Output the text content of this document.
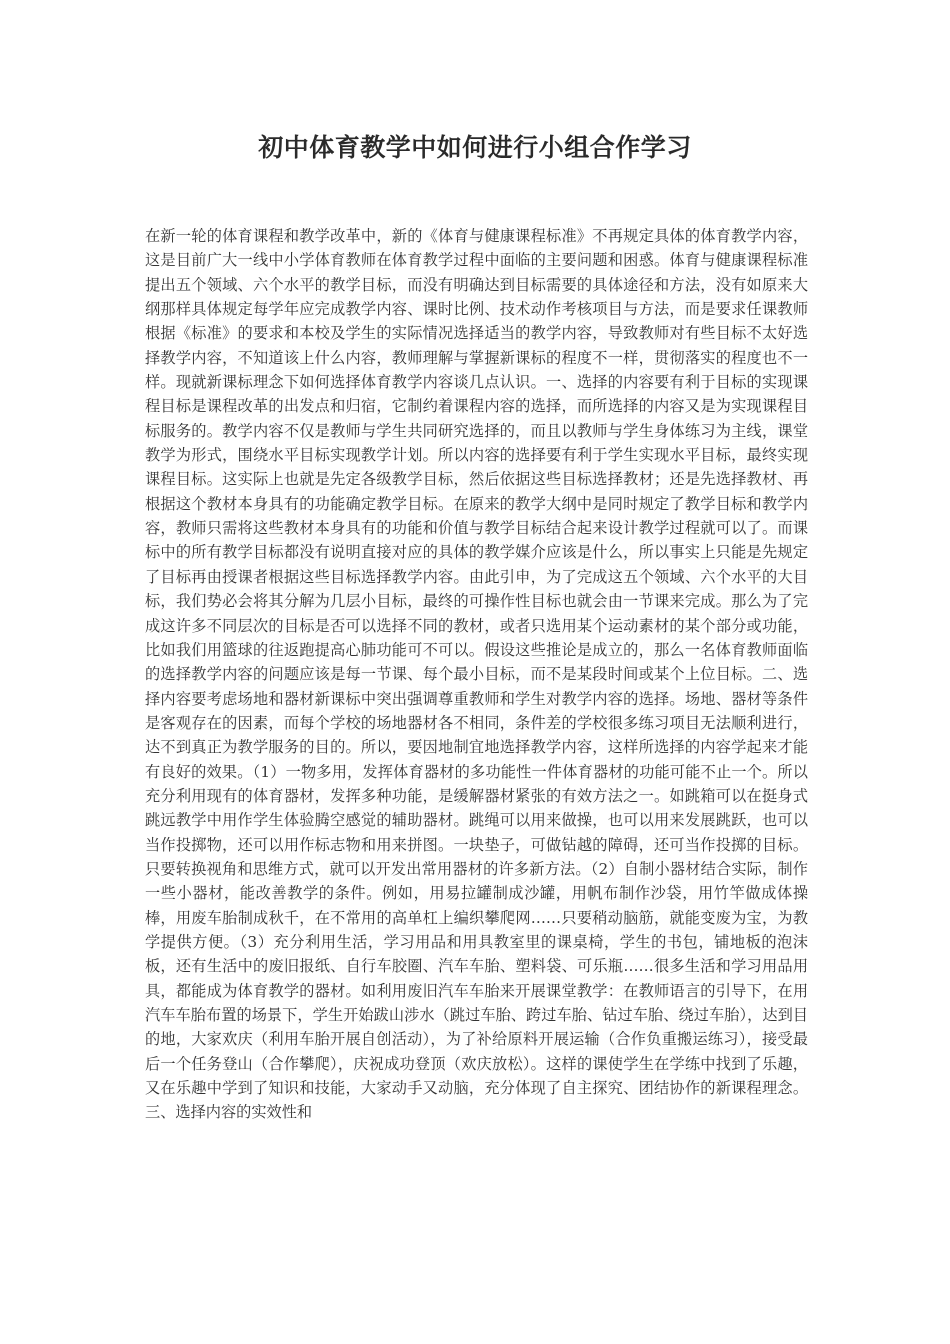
初中体育教学中如何进行小组合作学习

在新一轮的体育课程和教学改革中，新的《体育与健康课程标准》不再规定具体的体育教学内容，这是目前广大一线中小学体育教师在体育教学过程中面临的主要问题和困惑。体育与健康课程标准提出五个领域、六个水平的教学目标，而没有明确达到目标需要的具体途径和方法，没有如原来大纲那样具体规定每学年应完成教学内容、课时比例、技术动作考核项目与方法，而是要求任课教师根据《标准》的要求和本校及学生的实际情况选择适当的教学内容，导致教师对有些目标不太好选择教学内容，不知道该上什么内容，教师理解与掌握新课标的程度不一样，贯彻落实的程度也不一样。现就新课标理念下如何选择体育教学内容谈几点认识。一、选择的内容要有利于目标的实现课程目标是课程改革的出发点和归宿，它制约着课程内容的选择，而所选择的内容又是为实现课程目标服务的。教学内容不仅是教师与学生共同研究选择的，而且以教师与学生身体练习为主线，课堂教学为形式，围绕水平目标实现教学计划。所以内容的选择要有利于学生实现水平目标，最终实现课程目标。这实际上也就是先定各级教学目标，然后依据这些目标选择教材；还是先选择教材、再根据这个教材本身具有的功能确定教学目标。在原来的教学大纲中是同时规定了教学目标和教学内容，教师只需将这些教材本身具有的功能和价值与教学目标结合起来设计教学过程就可以了。而课标中的所有教学目标都没有说明直接对应的具体的教学媒介应该是什么，所以事实上只能是先规定了目标再由授课者根据这些目标选择教学内容。由此引申，为了完成这五个领域、六个水平的大目标，我们势必会将其分解为几层小目标，最终的可操作性目标也就会由一节课来完成。那么为了完成这许多不同层次的目标是否可以选择不同的教材，或者只选用某个运动素材的某个部分或功能，比如我们用篮球的往返跑提高心肺功能可不可以。假设这些推论是成立的，那么一名体育教师面临的选择教学内容的问题应该是每一节课、每个最小目标，而不是某段时间或某个上位目标。二、选择内容要考虑场地和器材新课标中突出强调尊重教师和学生对教学内容的选择。场地、器材等条件是客观存在的因素，而每个学校的场地器材各不相同，条件差的学校很多练习项目无法顺利进行，达不到真正为教学服务的目的。所以，要因地制宜地选择教学内容，这样所选择的内容学起来才能有良好的效果。（1）一物多用，发挥体育器材的多功能性一件体育器材的功能可能不止一个。所以充分利用现有的体育器材，发挥多种功能，是缓解器材紧张的有效方法之一。如跳箱可以在挺身式跳远教学中用作学生体验腾空感觉的辅助器材。跳绳可以用来做操，也可以用来发展跳跃，也可以当作投掷物，还可以用作标志物和用来拼图。一块垫子，可做钻越的障碍，还可当作投掷的目标。只要转换视角和思维方式，就可以开发出常用器材的许多新方法。（2）自制小器材结合实际，制作一些小器材，能改善教学的条件。例如，用易拉罐制成沙罐，用帆布制作沙袋，用竹竿做成体操棒，用废车胎制成秋千，在不常用的高单杠上编织攀爬网……只要稍动脑筋，就能变废为宝，为教学提供方便。（3）充分利用生活，学习用品和用具教室里的课桌椅，学生的书包，铺地板的泡沫板，还有生活中的废旧报纸、自行车胶圈、汽车车胎、塑料袋、可乐瓶……很多生活和学习用品用具，都能成为体育教学的器材。如利用废旧汽车车胎来开展课堂教学：在教师语言的引导下，在用汽车车胎布置的场景下，学生开始跋山涉水（跳过车胎、跨过车胎、钻过车胎、绕过车胎），达到目的地，大家欢庆（利用车胎开展自创活动），为了补给原料开展运输（合作负重搬运练习），接受最后一个任务登山（合作攀爬），庆祝成功登顶（欢庆放松）。这样的课使学生在学练中找到了乐趣，又在乐趣中学到了知识和技能，大家动手又动脑，充分体现了自主探究、团结协作的新课程理念。三、选择内容的实效性和
